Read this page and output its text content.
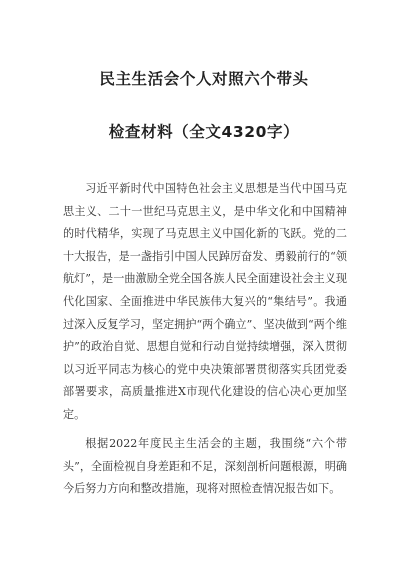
民主生活会个人对照六个带头
检查材料（全文4320字）

习近平新时代中国特色社会主义思想是当代中国马克思主义、二十一世纪马克思主义，是中华文化和中国精神的时代精华，实现了马克思主义中国化新的飞跃。党的二十大报告，是一盏指引中国人民踔厉奋发、勇毅前行的“领航灯”，是一曲激励全党全国各族人民全面建设社会主义现代化国家、全面推进中华民族伟大复兴的“集结号”。我通过深入反复学习，坚定拥护“两个确立”、坚决做到“两个维护”的政治自觉、思想自觉和行动自觉持续增强，深入贯彻以习近平同志为核心的党中央决策部署贯彻落实兵团党委部署要求，高质量推进X市现代化建设的信心决心更加坚定。

根据2022年度民主生活会的主题，我围绕“六个带头”，全面检视自身差距和不足，深刻剖析问题根源，明确今后努力方向和整改措施，现将对照检查情况报告如下。
